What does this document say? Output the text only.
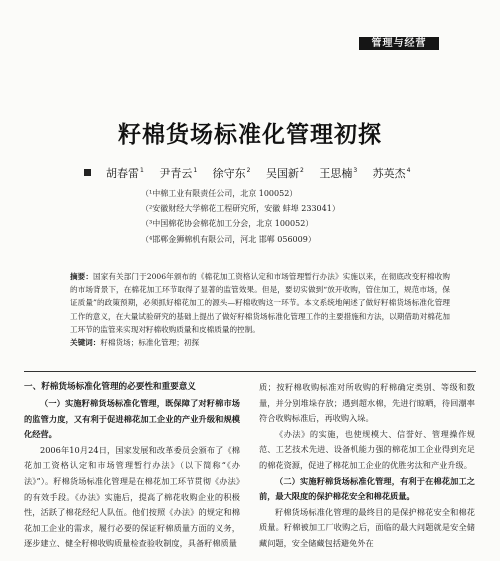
管理与经营
籽棉货场标准化管理初探
胡春雷$^1$ 尹青云$^1$ 徐守东$^2$ 吴国新$^2$ 王思楠$^3$ 苏英杰$^4$
（¹中棉工业有限责任公司，北京 100052）
（²安徽财经大学棉花工程研究所，安徽 蚌埠 233041）
（³中国棉花协会棉花加工分会，北京 100052）
（⁴邯郸金狮棉机有限公司，河北 邯郸 056009）

摘要：国家有关部门于2006年颁布的《棉花加工资格认定和市场管理暂行办法》实施以来，在彻底改变籽棉收购的市场背景下，在棉花加工环节取得了显著的监管效果。但是，要切实做到“放开收购，管住加工，规范市场，保证质量”的政策预期，必须抓好棉花加工的源头—籽棉收购这一环节。本文系统地阐述了做好籽棉货场标准化管理工作的意义，在大量试验研究的基础上提出了做好籽棉货场标准化管理工作的主要措施和方法，以期借助对棉花加工环节的监管来实现对籽棉收购质量和皮棉质量的控制。

关键词：籽棉货场；标准化管理；初探

一、籽棉货场标准化管理的必要性和重要意义

（一）实施籽棉货场标准化管理，既保障了对籽棉市场的监管力度，又有利于促进棉花加工企业的产业升级和规模化经营。

2006年10月24日，国家发展和改革委员会颁布了《棉花加工资格认定和市场管理暂行办法》（以下简称“《办法》”）。籽棉货场标准化管理是在棉花加工环节贯彻《办法》的有效手段。《办法》实施后，提高了棉花收购企业的积极性，活跃了棉花经纪人队伍。他们按照《办法》的规定和棉花加工企业的需求，履行必要的保证籽棉质量方面的义务，逐步建立、健全籽棉收购质量检查验收制度，具备籽棉质量

质；按籽棉收购标准对所收购的籽棉确定类别、等级和数量，并分别堆垛存放；遇到超水棉，先进行晾晒，待回潮率符合收购标准后，再收购入垛。

《办法》的实施，也使规模大、信誉好、管理操作规范、工艺技术先进、设备机能力强的棉花加工企业得到充足的棉花资源，促进了棉花加工企业的优胜劣汰和产业升级。

（二）实施籽棉货场标准化管理，有利于在棉花加工之前，最大限度的保护棉花安全和棉花质量。

籽棉货场标准化管理的最终目的是保护棉花安全和棉花质量。籽棉被加工厂收购之后，面临的最大问题就是安全储藏问题，安全储藏包括避免外在
